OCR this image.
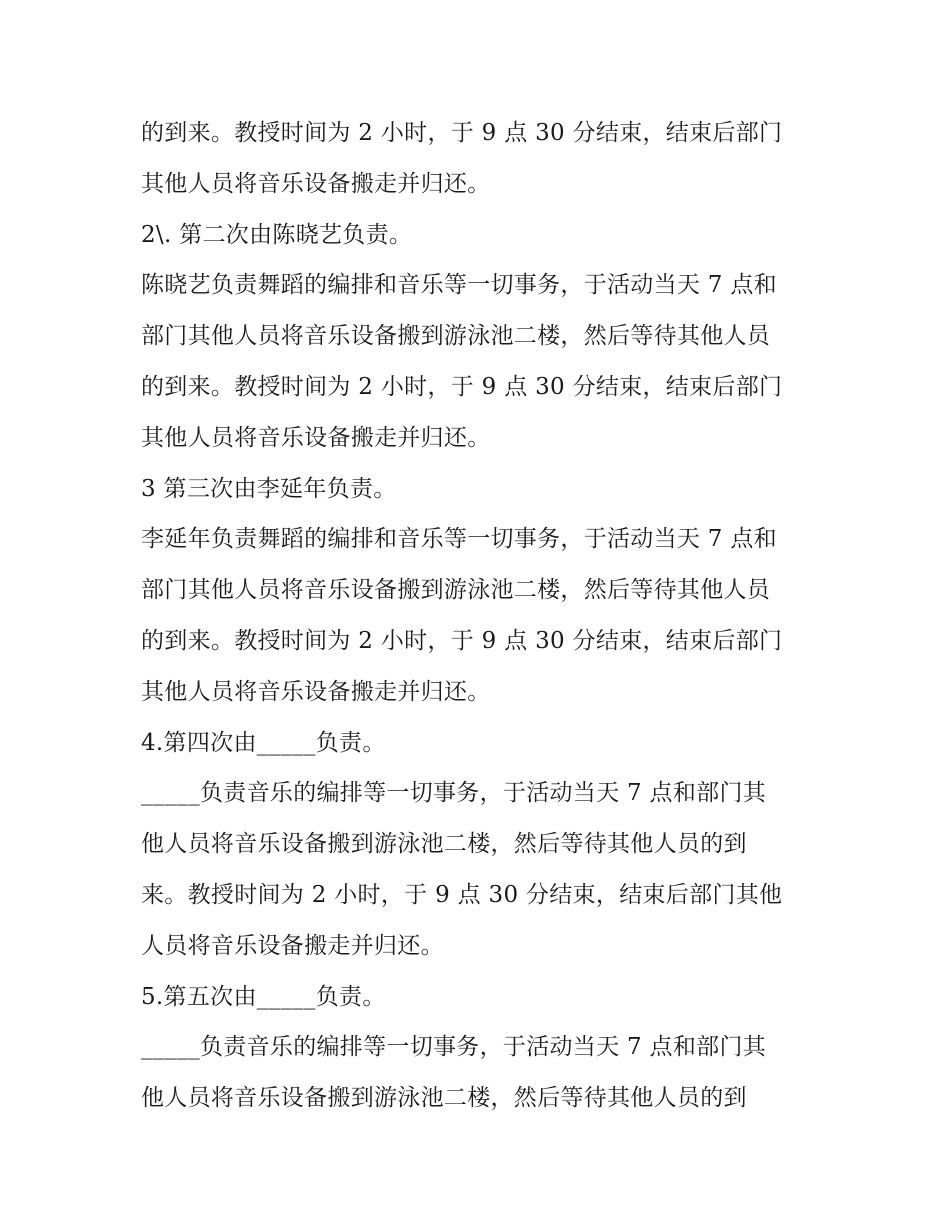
的到来。教授时间为 2 小时，于 9 点 30 分结束，结束后部门
其他人员将音乐设备搬走并归还。
2\. 第二次由陈晓艺负责。
陈晓艺负责舞蹈的编排和音乐等一切事务，于活动当天 7 点和
部门其他人员将音乐设备搬到游泳池二楼，然后等待其他人员
的到来。教授时间为 2 小时，于 9 点 30 分结束，结束后部门
其他人员将音乐设备搬走并归还。
3 第三次由李延年负责。
李延年负责舞蹈的编排和音乐等一切事务，于活动当天 7 点和
部门其他人员将音乐设备搬到游泳池二楼，然后等待其他人员
的到来。教授时间为 2 小时，于 9 点 30 分结束，结束后部门
其他人员将音乐设备搬走并归还。
4.第四次由_____负责。
_____负责音乐的编排等一切事务，于活动当天 7 点和部门其
他人员将音乐设备搬到游泳池二楼，然后等待其他人员的到
来。教授时间为 2 小时，于 9 点 30 分结束，结束后部门其他
人员将音乐设备搬走并归还。
5.第五次由_____负责。
_____负责音乐的编排等一切事务，于活动当天 7 点和部门其
他人员将音乐设备搬到游泳池二楼，然后等待其他人员的到
